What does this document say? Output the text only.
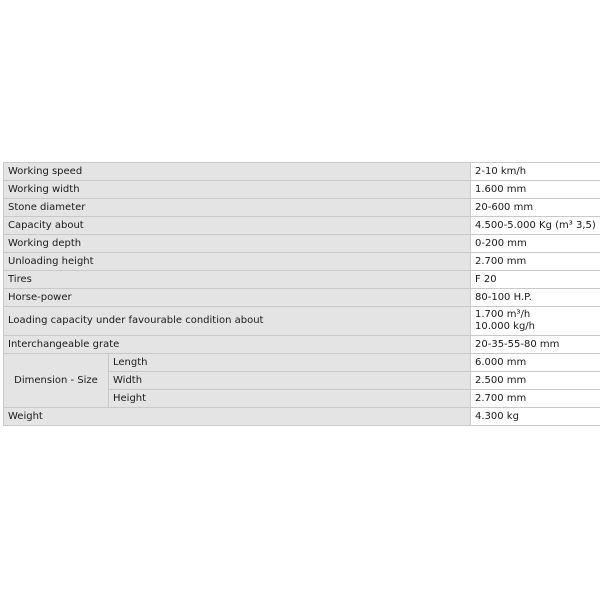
Working speed		2-10 km/h
Working width		1.600 mm
Stone diameter		20-600 mm
Capacity about		4.500-5.000 Kg (m³ 3,5)
Working depth		0-200 mm
Unloading height		2.700 mm
Tires		F 20
Horse-power		80-100 H.P.
Loading capacity under favourable condition about		1.700 m³/h
10.000 kg/h

Interchangeable grate		20-35-55-80 mm
Dimension - Size	Length	6.000 mm
	Width	2.500 mm
	Height	2.700 mm
Weight		4.300 kg
